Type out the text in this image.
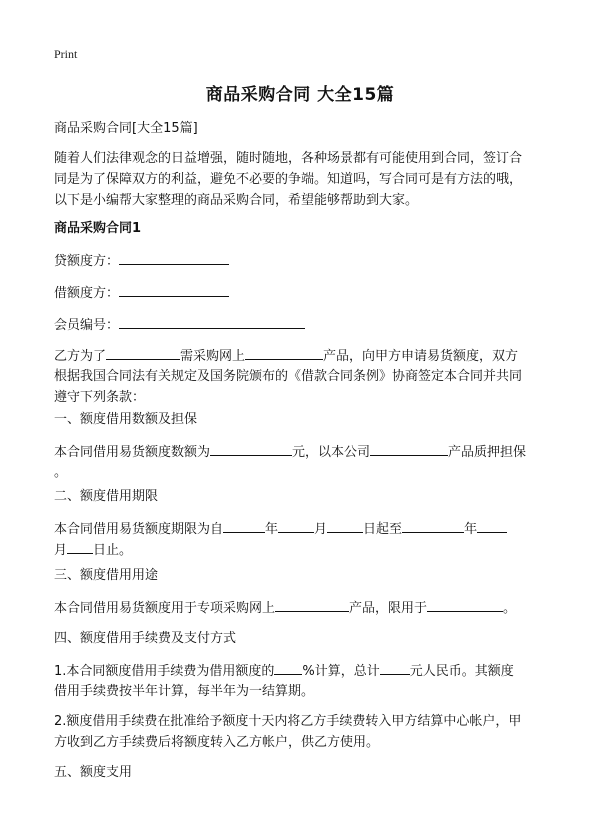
Print
商品采购合同 大全15篇
商品采购合同[大全15篇]
随着人们法律观念的日益增强，随时随地，各种场景都有可能使用到合同，签订合
同是为了保障双方的利益，避免不必要的争端。知道吗，写合同可是有方法的哦，
以下是小编帮大家整理的商品采购合同，希望能够帮助到大家。
商品采购合同1
贷额度方：
借额度方：
会员编号：
乙方为了	需采购网上	产品，向甲方申请易货额度，双方
根据我国合同法有关规定及国务院颁布的《借款合同条例》协商签定本合同并共同
遵守下列条款：
一、额度借用数额及担保
本合同借用易货额度数额为	元，以本公司	产品质押担保
。
二、额度借用期限
本合同借用易货额度期限为自	年	月	日起至	年
月 日止。
三、额度借用用途
本合同借用易货额度用于专项采购网上	产品，限用于	。
四、额度借用手续费及支付方式
1.本合同额度借用手续费为借用额度的 %计算，总计 元人民币。其额度
借用手续费按半年计算，每半年为一结算期。
2.额度借用手续费在批准给予额度十天内将乙方手续费转入甲方结算中心帐户，甲
方收到乙方手续费后将额度转入乙方帐户，供乙方使用。
五、额度支用
